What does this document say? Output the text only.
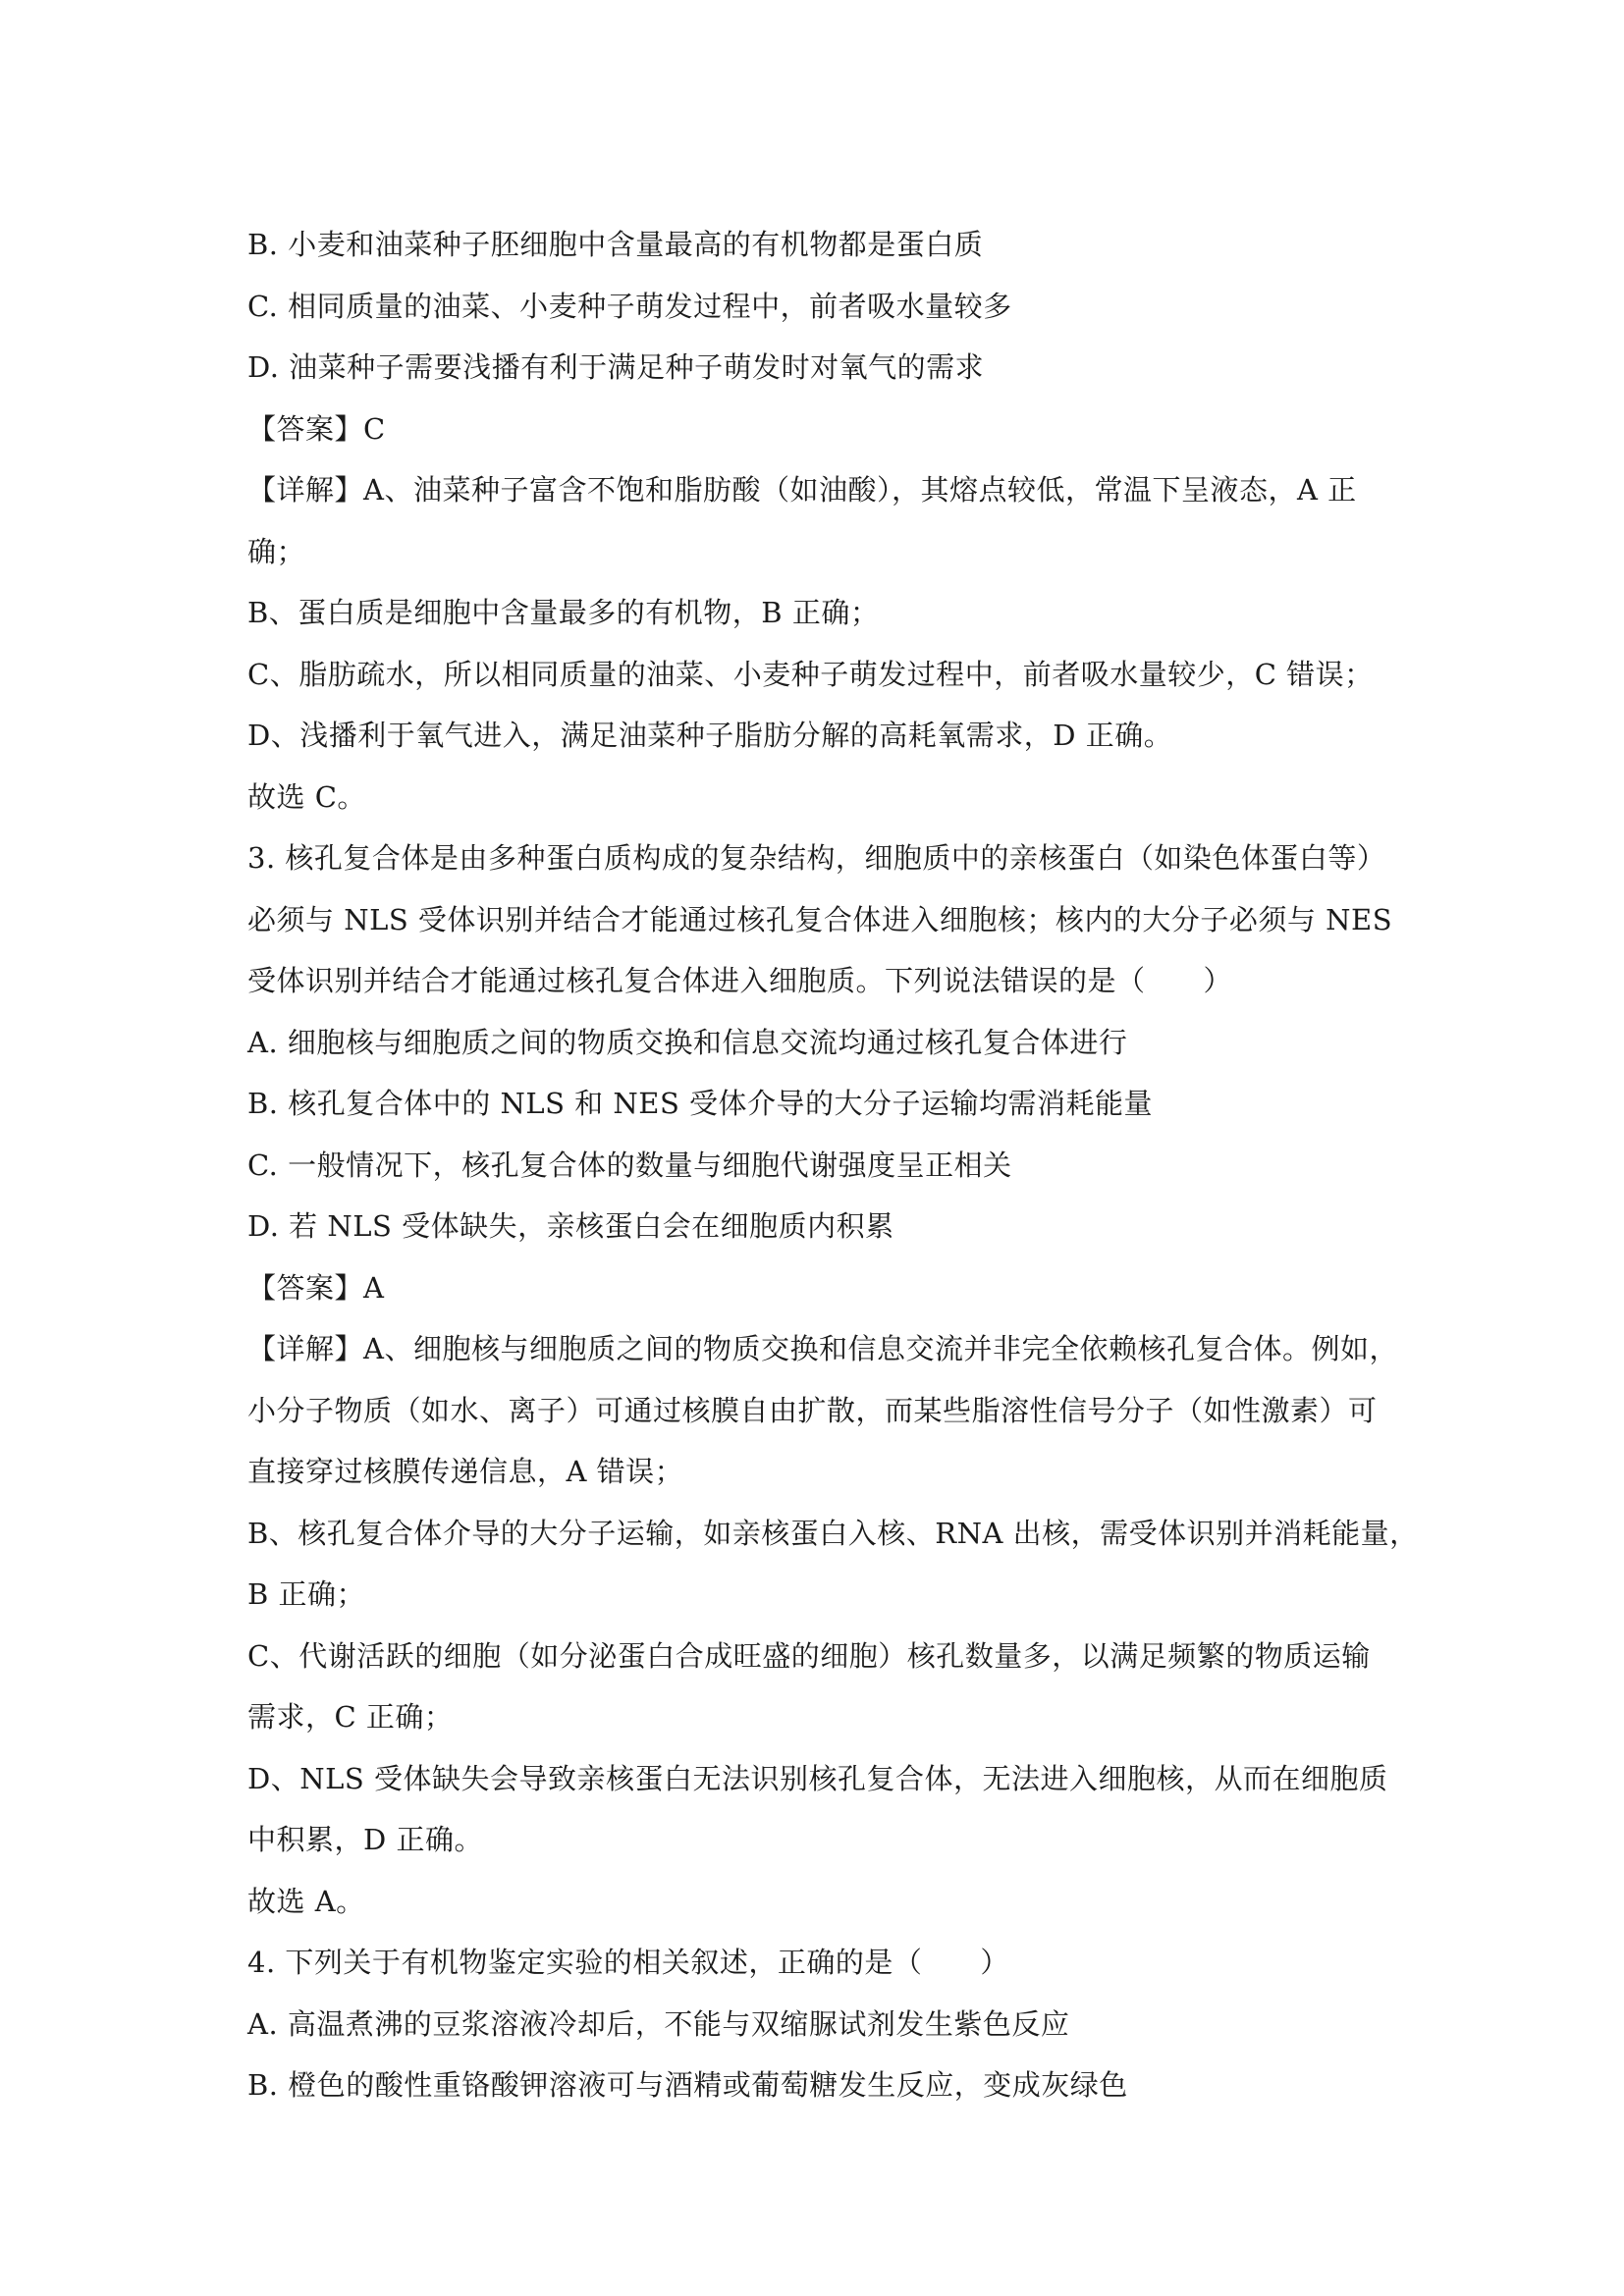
B. 小麦和油菜种子胚细胞中含量最高的有机物都是蛋白质
C. 相同质量的油菜、小麦种子萌发过程中，前者吸水量较多
D. 油菜种子需要浅播有利于满足种子萌发时对氧气的需求
【答案】C
【详解】A、油菜种子富含不饱和脂肪酸（如油酸），其熔点较低，常温下呈液态，A 正
确；
B、蛋白质是细胞中含量最多的有机物，B 正确；
C、脂肪疏水，所以相同质量的油菜、小麦种子萌发过程中，前者吸水量较少，C 错误；
D、浅播利于氧气进入，满足油菜种子脂肪分解的高耗氧需求，D 正确。
故选 C。
3. 核孔复合体是由多种蛋白质构成的复杂结构，细胞质中的亲核蛋白（如染色体蛋白等）
必须与 NLS 受体识别并结合才能通过核孔复合体进入细胞核；核内的大分子必须与 NES
受体识别并结合才能通过核孔复合体进入细胞质。下列说法错误的是（　　）
A. 细胞核与细胞质之间的物质交换和信息交流均通过核孔复合体进行
B. 核孔复合体中的 NLS 和 NES 受体介导的大分子运输均需消耗能量
C. 一般情况下，核孔复合体的数量与细胞代谢强度呈正相关
D. 若 NLS 受体缺失，亲核蛋白会在细胞质内积累
【答案】A
【详解】A、细胞核与细胞质之间的物质交换和信息交流并非完全依赖核孔复合体。例如，
小分子物质（如水、离子）可通过核膜自由扩散，而某些脂溶性信号分子（如性激素）可
直接穿过核膜传递信息，A 错误；
B、核孔复合体介导的大分子运输，如亲核蛋白入核、RNA 出核，需受体识别并消耗能量，
B 正确；
C、代谢活跃的细胞（如分泌蛋白合成旺盛的细胞）核孔数量多，以满足频繁的物质运输
需求，C 正确；
D、NLS 受体缺失会导致亲核蛋白无法识别核孔复合体，无法进入细胞核，从而在细胞质
中积累，D 正确。
故选 A。
4. 下列关于有机物鉴定实验的相关叙述，正确的是（　　）
A. 高温煮沸的豆浆溶液冷却后，不能与双缩脲试剂发生紫色反应
B. 橙色的酸性重铬酸钾溶液可与酒精或葡萄糖发生反应，变成灰绿色
